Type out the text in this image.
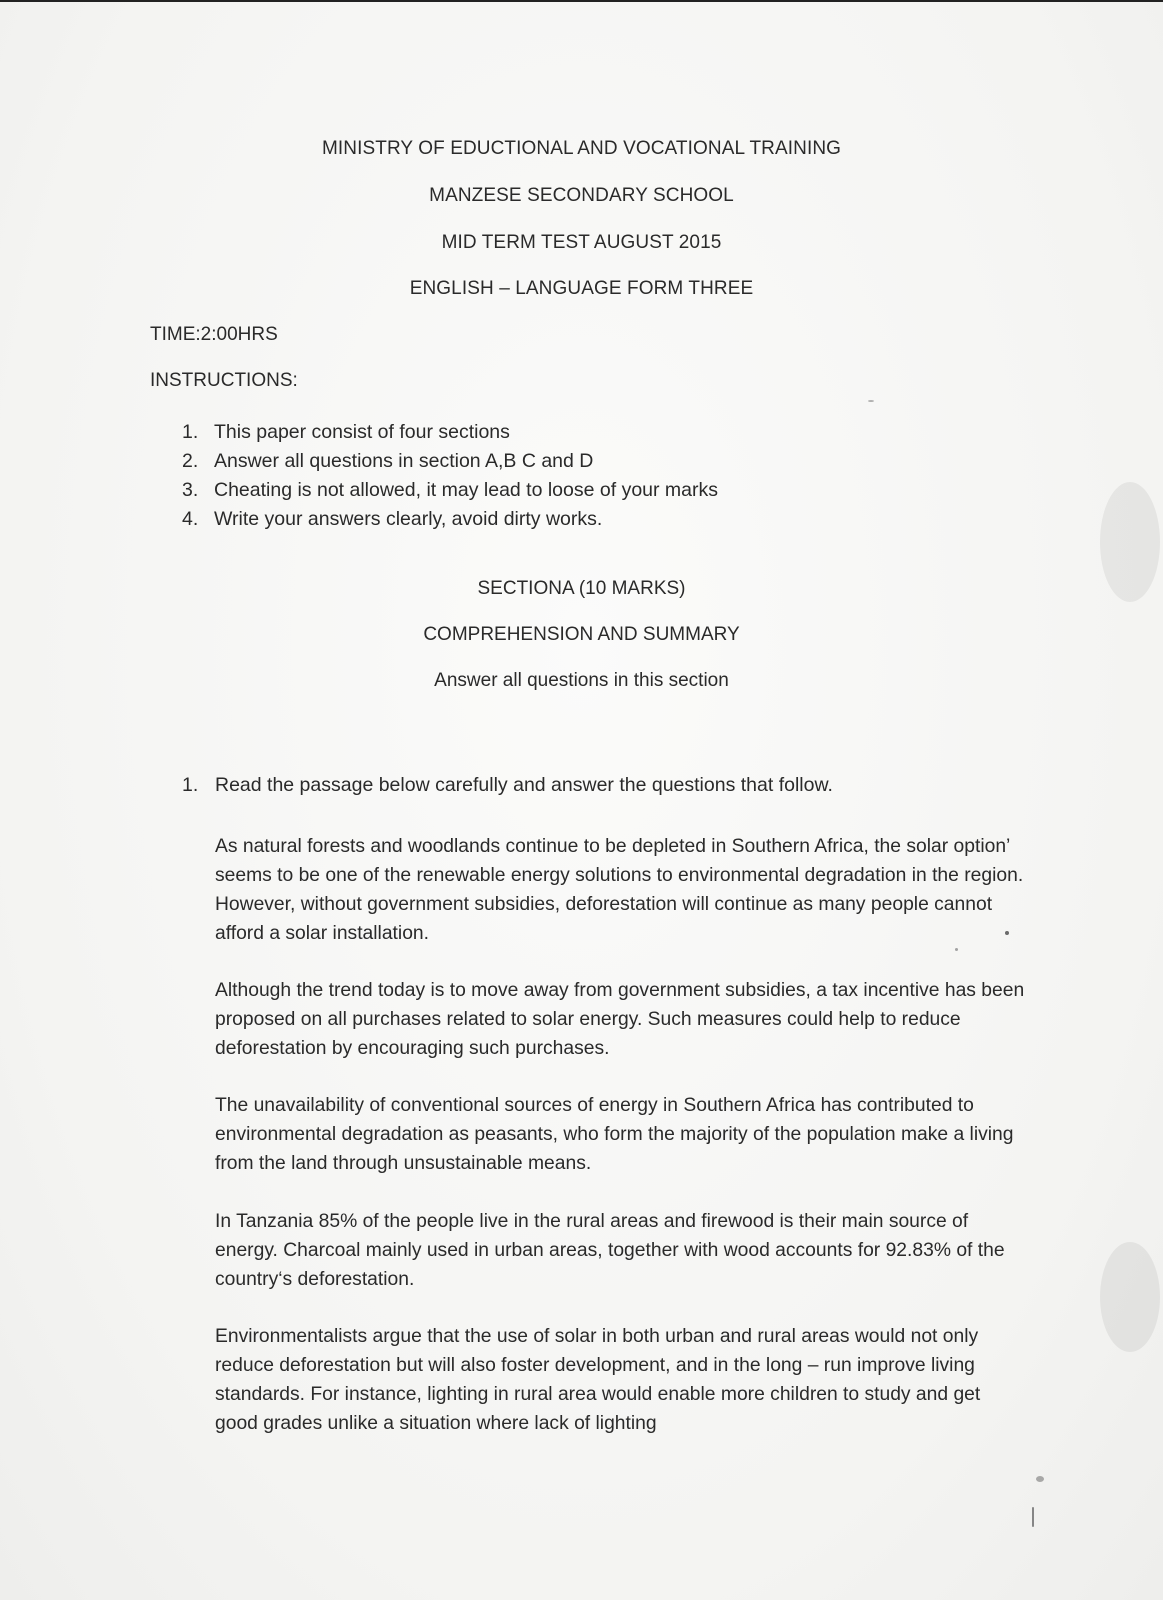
MINISTRY OF EDUCTIONAL AND VOCATIONAL TRAINING
MANZESE SECONDARY SCHOOL
MID TERM TEST AUGUST 2015
ENGLISH – LANGUAGE FORM THREE
TIME:2:00HRS
INSTRUCTIONS:
1. This paper consist of four sections
2. Answer all questions in section A,B C and D
3. Cheating is not allowed, it may lead to loose of your marks
4. Write your answers clearly, avoid dirty works.
SECTIONA (10 MARKS)
COMPREHENSION AND SUMMARY
Answer all questions in this section
1. Read the passage below carefully and answer the questions that follow.

As natural forests and woodlands continue to be depleted in Southern Africa, the solar option’ seems to be one of the renewable energy solutions to environmental degradation in the region. However, without government subsidies, deforestation will continue as many people cannot afford a solar installation.

Although the trend today is to move away from government subsidies, a tax incentive has been proposed on all purchases related to solar energy. Such measures could help to reduce deforestation by encouraging such purchases.

The unavailability of conventional sources of energy in Southern Africa has contributed to environmental degradation as peasants, who form the majority of the population make a living from the land through unsustainable means.

In Tanzania 85% of the people live in the rural areas and firewood is their main source of energy. Charcoal mainly used in urban areas, together with wood accounts for 92.83% of the country‘s deforestation.

Environmentalists argue that the use of solar in both urban and rural areas would not only reduce deforestation but will also foster development, and in the long – run improve living standards. For instance, lighting in rural area would enable more children to study and get good grades unlike a situation where lack of lighting
